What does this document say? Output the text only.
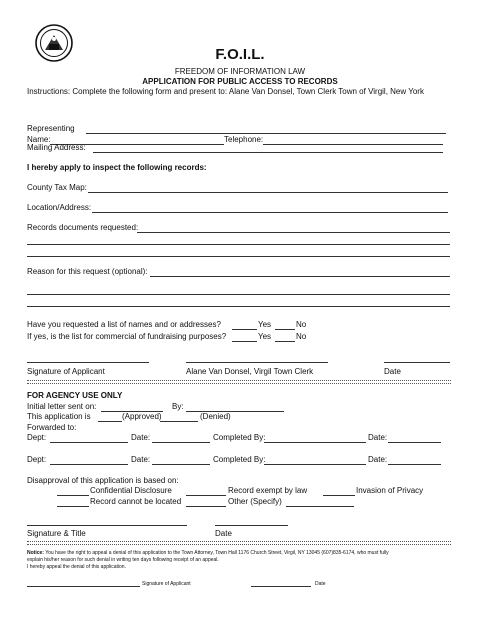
F.O.I.L.
FREEDOM OF INFORMATION LAW
APPLICATION FOR PUBLIC ACCESS TO RECORDS
Instructions: Complete the following form and present to: Alane Van Donsel, Town Clerk Town of Virgil, New York
Name:	Telephone:
Representing
Mailing Address:
I hereby apply to inspect the following records:
County Tax Map:
Location/Address:
Records documents requested:
Reason for this request (optional):
Have you requested a list of names and or addresses?	Yes	No
If yes, is the list for commercial of fundraising purposes?	Yes	No
Signature of Applicant	Alane Van Donsel, Virgil Town Clerk	Date
FOR AGENCY USE ONLY
Initial letter sent on:	By:
This application is	(Approved)	(Denied)
Forwarded to:
Dept:	Date:	Completed By:	Date:
Dept:	Date:	Completed By:	Date:
Disapproval of this application is based on:
Confidential Disclosure	Record exempt by law	Invasion of Privacy
Record cannot be located	Other (Specify)
Signature & Title	Date
Notice: You have the right to appeal a denial of this application to the Town Attorney, Town Hall 1176 Church Street, Virgil, NY 13045 (607)835-6174, who must fully
explain his/her reason for such denial in writing ten days following receipt of an appeal.
I hereby appeal the denial of this application.
Signature of Applicant	Date
